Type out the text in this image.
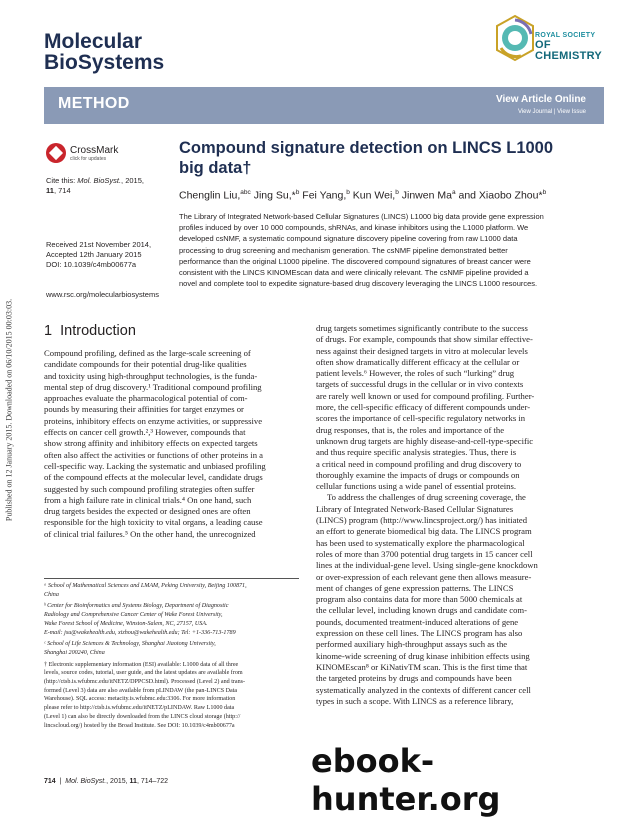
Published on 12 January 2015. Downloaded on 06/10/2015 00:03:03.
Molecular
BioSystems
ROYAL SOCIETY
OF CHEMISTRY
METHOD	View Article Online
View Journal | View Issue
CrossMark
click for updates
Cite this: Mol. BioSyst., 2015,
11, 714
Received 21st November 2014,
Accepted 12th January 2015
DOI: 10.1039/c4mb00677a
www.rsc.org/molecularbiosystems
Compound signature detection on LINCS L1000
big data†
Chenglin Liu,$^{abc}$ Jing Su,*$^b$ Fei Yang,$^b$ Kun Wei,$^b$ Jinwen Ma$^a$ and Xiaobo Zhou*$^b$
The Library of Integrated Network-based Cellular Signatures (LINCS) L1000 big data provide gene expression
profiles induced by over 10 000 compounds, shRNAs, and kinase inhibitors using the L1000 platform. We
developed csNMF, a systematic compound signature discovery pipeline covering from raw L1000 data
processing to drug screening and mechanism generation. The csNMF pipeline demonstrated better
performance than the original L1000 pipeline. The discovered compound signatures of breast cancer were
consistent with the LINCS KINOMEscan data and were clinically relevant. The csNMF pipeline provided a
novel and complete tool to expedite signature-based drug discovery leveraging the LINCS L1000 resources.
1 Introduction
Compound profiling, defined as the large-scale screening of
candidate compounds for their potential drug-like qualities
and toxicity using high-throughput technologies, is the funda-
mental step of drug discovery.¹ Traditional compound profiling
approaches evaluate the pharmacological potential of com-
pounds by measuring their affinities for target enzymes or
proteins, inhibitory effects on enzyme activities, or suppressive
effects on cancer cell growth.²,³ However, compounds that
show strong affinity and inhibitory effects on expected targets
often also affect the activities or functions of other proteins in a
cell-specific way. Lacking the systematic and unbiased profiling
of the compound effects at the molecular level, candidate drugs
suggested by such compound profiling strategies often suffer
from a high failure rate in clinical trials.⁴ On one hand, such
drug targets besides the expected or designed ones are often
responsible for the high toxicity to vital organs, a leading cause
of clinical trial failures.⁵ On the other hand, the unrecognized
drug targets sometimes significantly contribute to the success
of drugs. For example, compounds that show similar effective-
ness against their designed targets in vitro at molecular levels
often show dramatically different efficacy at the cellular or
patient levels.⁶ However, the roles of such “lurking” drug
targets of successful drugs in the cellular or in vivo contexts
are rarely well known or used for compound profiling. Further-
more, the cell-specific efficacy of different compounds under-
scores the importance of cell-specific regulatory networks in
drug responses, that is, the roles and importance of the
unknown drug targets are highly disease-and-cell-type-specific
and thus require specific analysis strategies. Thus, there is
a critical need in compound profiling and drug discovery to
thoroughly examine the impacts of drugs or compounds on
cellular functions using a wide panel of essential proteins.
To address the challenges of drug screening coverage, the
Library of Integrated Network-Based Cellular Signatures
(LINCS) program (http://www.lincsproject.org/) has initiated
an effort to generate biomedical big data. The LINCS program
has been used to systematically explore the pharmacological
roles of more than 3700 potential drug targets in 15 cancer cell
lines at the individual-gene level. Using single-gene knockdown
or over-expression of each relevant gene then allows measure-
ment of changes of gene expression patterns. The LINCS
program also contains data for more than 5000 chemicals at
the cellular level, including known drugs and candidate com-
pounds, documented treatment-induced alterations of gene
expression on these cell lines. The LINCS program has also
performed auxiliary high-throughput assays such as the
kinome-wide screening of drug kinase inhibition effects using
KINOMEscan⁸ or KiNativTM scan. This is the first time that
the targeted proteins by drugs and compounds have been
systematically analyzed in the contexts of different cancer cell
types in such a scope. With LINCS as a reference library,
ᵃ School of Mathematical Sciences and LMAM, Peking University, Beijing 100871,
China
ᵇ Center for Bioinformatics and Systems Biology, Department of Diagnostic
Radiology and Comprehensive Cancer Center of Wake Forest University,
Wake Forest School of Medicine, Winston-Salem, NC, 27157, USA.
E-mail: jsu@wakehealth.edu, xizhou@wakehealth.edu; Tel: +1-336-713-1789
ᶜ School of Life Sciences & Technology, Shanghai Jiaotong University,
Shanghai 200240, China
† Electronic supplementary information (ESI) available: L1000 data of all three
levels, source codes, tutorial, user guide, and the latest updates are available from
(http://ctsb.is.wfubmc.edu/itNETZ/DPPCSD.html). Processed (Level 2) and trans-
formed (Level 3) data are also available from pLINDAW (the pan-LINCS Data
Warehouse). SQL access: metacity.is.wfubmc.edu:3306. For more information
please refer to http://ctsb.is.wfubmc.edu/itNETZ/pLINDAW. Raw L1000 data
(Level 1) can also be directly downloaded from the LINCS cloud storage (http://
lincscloud.org/) hosted by the Broad Institute. See DOI: 10.1039/c4mb00677a
714  |  Mol. BioSyst., 2015, 11, 714–722
ebook-hunter.org
